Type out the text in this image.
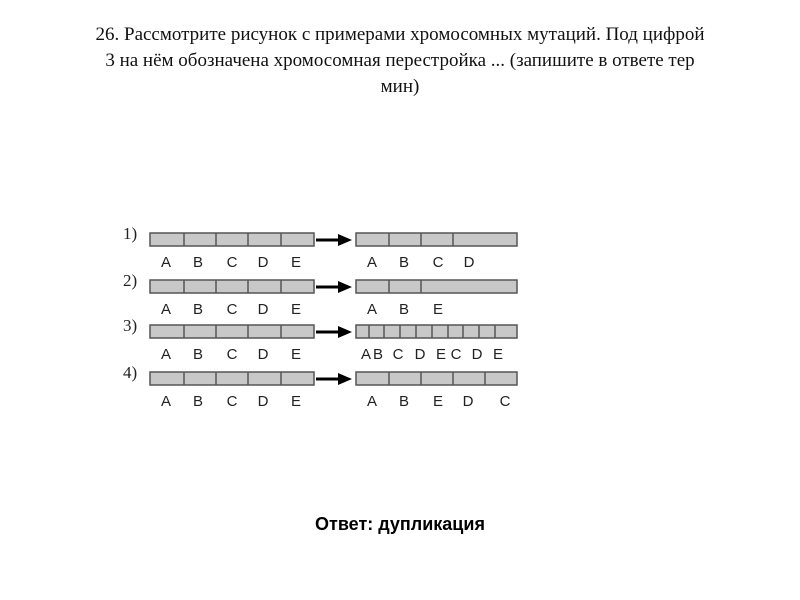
26. Рассмотрите рисунок с примерами хромосомных мутаций. Под цифрой
3 на нём обозначена хромосомная перестройка ... (запишите в ответе тер
мин)
1)
A B C D E	A B C D
2)
A B C D E	A B E
3)
A B C D E	A B C D E C D E
4)
A B C D E	A B E D C
Ответ: дупликация
